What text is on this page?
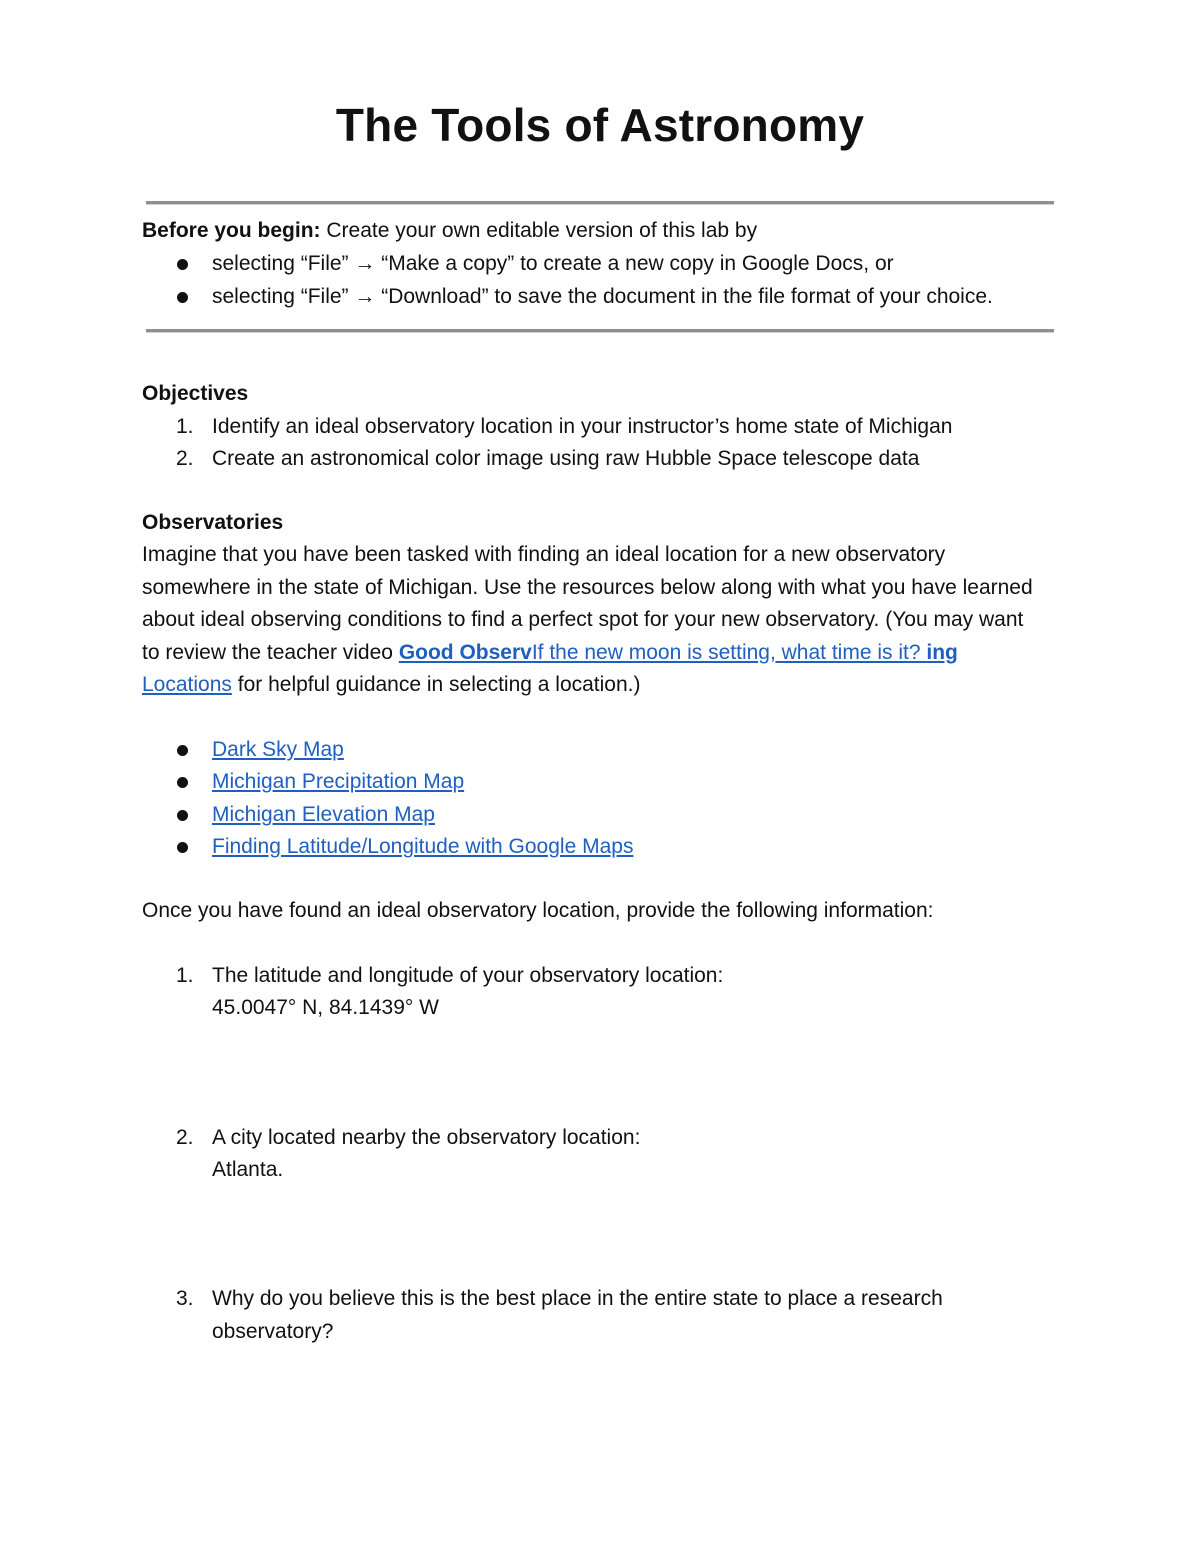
The Tools of Astronomy
Before you begin: Create your own editable version of this lab by
selecting “File” → “Make a copy” to create a new copy in Google Docs, or
selecting “File” → “Download” to save the document in the file format of your choice.
Objectives
1. Identify an ideal observatory location in your instructor’s home state of Michigan
2. Create an astronomical color image using raw Hubble Space telescope data
Observatories
Imagine that you have been tasked with finding an ideal location for a new observatory
somewhere in the state of Michigan. Use the resources below along with what you have learned
about ideal observing conditions to find a perfect spot for your new observatory. (You may want
to review the teacher video Good ObservIf the new moon is setting, what time is it? ing
Locations for helpful guidance in selecting a location.)
Dark Sky Map
Michigan Precipitation Map
Michigan Elevation Map
Finding Latitude/Longitude with Google Maps
Once you have found an ideal observatory location, provide the following information:
1. The latitude and longitude of your observatory location:
45.0047° N, 84.1439° W
2. A city located nearby the observatory location:
Atlanta.
3. Why do you believe this is the best place in the entire state to place a research
observatory?
